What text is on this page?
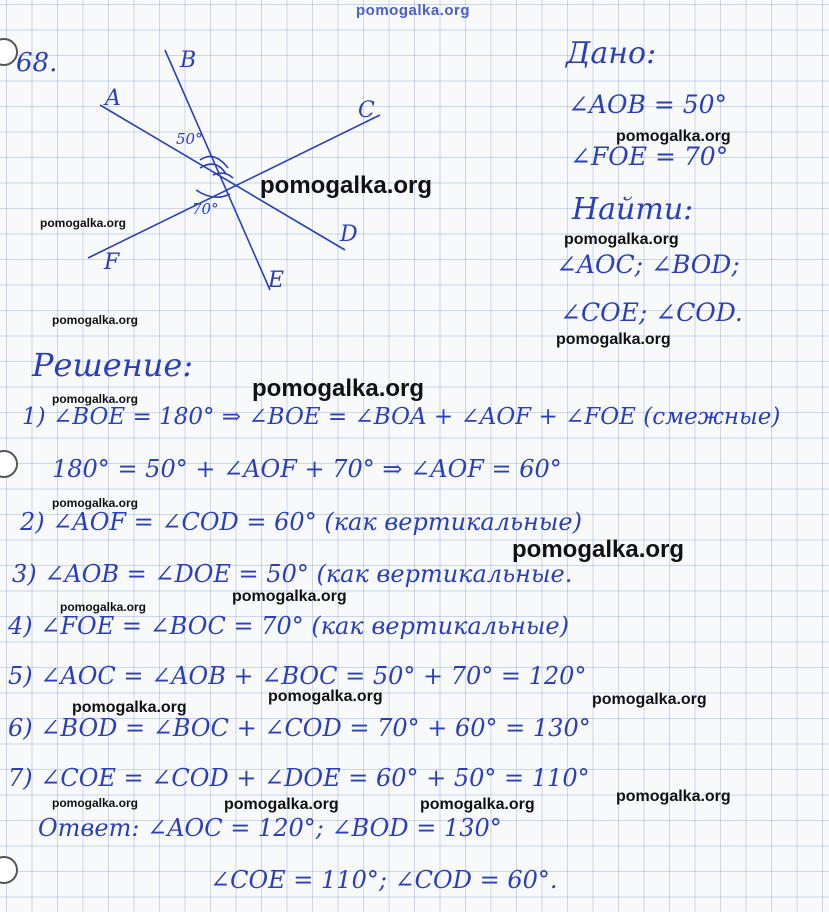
pomogalka.org
68.
A
B
C
D
E
F
50°
70°
Дано:
∠AOB = 50°
∠FOE = 70°
Найти:
∠AOC; ∠BOD;
∠COE; ∠COD.
Решение:
1) ∠BOE = 180° ⇒ ∠BOE = ∠BOA + ∠AOF + ∠FOE (смежные)
180° = 50° + ∠AOF + 70° ⇒ ∠AOF = 60°
2) ∠AOF = ∠COD = 60° (как вертикальные)
3) ∠AOB = ∠DOE = 50° (как вертикальные.
4) ∠FOE = ∠BOC = 70° (как вертикальные)
5) ∠AOC = ∠AOB + ∠BOC = 50° + 70° = 120°
6) ∠BOD = ∠BOC + ∠COD = 70° + 60° = 130°
7) ∠COE = ∠COD + ∠DOE = 60° + 50° = 110°
Ответ: ∠AOC = 120°; ∠BOD = 130°
∠COE = 110°; ∠COD = 60°.
pomogalka.org
pomogalka.org
pomogalka.org
pomogalka.org
pomogalka.org
pomogalka.org
pomogalka.org
pomogalka.org	pomogalka.org
pomogalka.org
pomogalka.org	pomogalka.org	pomogalka.org
pomogalka.org
pomogalka.org
pomogalka.org
pomogalka.org
pomogalka.org
pomogalka.org
